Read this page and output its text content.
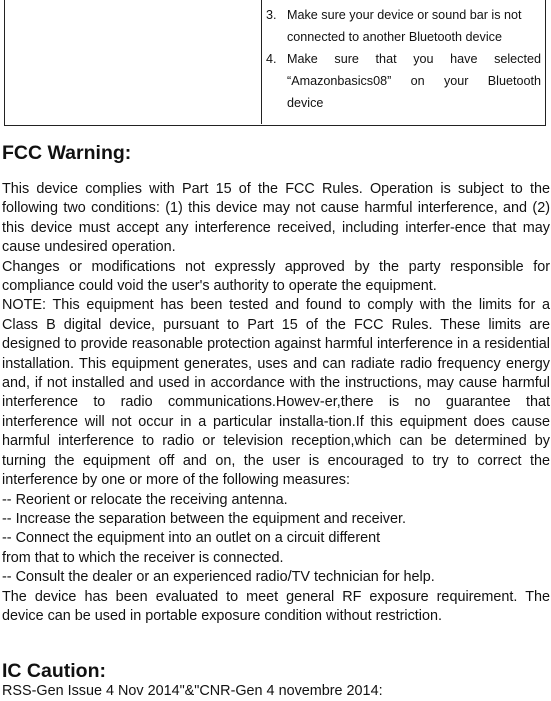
3. Make sure your device or sound bar is not
connected to another Bluetooth device
4. Make sure that you have selected
“Amazonbasics08” on your Bluetooth
device
FCC Warning:

This device complies with Part 15 of the FCC Rules. Operation is subject to the following two conditions: (1) this device may not cause harmful interference, and (2) this device must accept any interference received, including interfer-ence that may cause undesired operation.

Changes or modifications not expressly approved by the party responsible for compliance could void the user's authority to operate the equipment.

NOTE: This equipment has been tested and found to comply with the limits for a Class B digital device, pursuant to Part 15 of the FCC Rules. These limits are designed to provide reasonable protection against harmful interference in a residential installation. This equipment generates, uses and can radiate radio frequency energy and, if not installed and used in accordance with the instructions, may cause harmful interference to radio communications.Howev-er,there is no guarantee that interference will not occur in a particular installa-tion.If this equipment does cause harmful interference to radio or television reception,which can be determined by turning the equipment off and on, the user is encouraged to try to correct the interference by one or more of the following measures:

-- Reorient or relocate the receiving antenna.

-- Increase the separation between the equipment and receiver.

-- Connect the equipment into an outlet on a circuit different

from that to which the receiver is connected.

-- Consult the dealer or an experienced radio/TV technician for help.

The device has been evaluated to meet general RF exposure requirement. The device can be used in portable exposure condition without restriction.

IC Caution:

RSS-Gen Issue 4 Nov 2014"&"CNR-Gen 4 novembre 2014:
